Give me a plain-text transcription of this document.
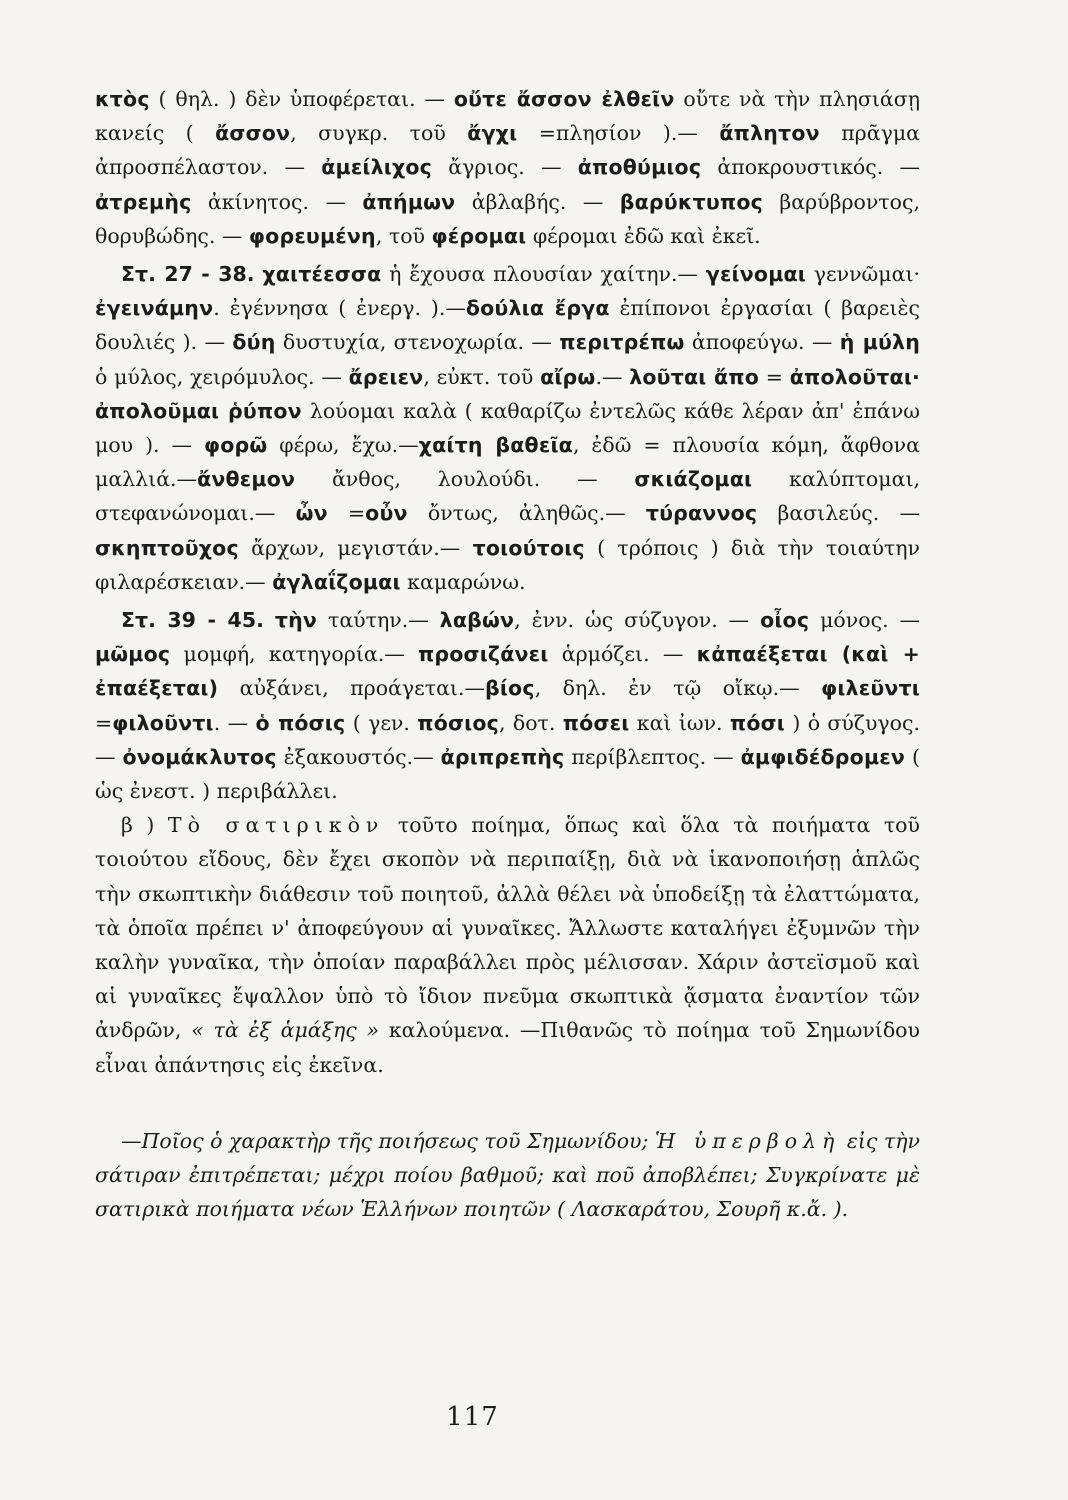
κτὸς ( θηλ. ) δὲν ὑποφέρεται. — οὔτε ἄσσον ἐλθεῖν οὔτε νὰ τὴν πλησιάσῃ κανείς ( ἄσσον, συγκρ. τοῦ ἄγχι =πλησίον ).— ἄπλητον πρᾶγμα ἀπροσπέλαστον. — ἀμείλιχος ἄγριος. — ἀποθύμιος ἀποκρουστικός. — ἀτρεμὴς ἀκίνητος. — ἀπήμων ἀβλαβής. — βαρύκτυπος βαρύβροντος, θορυβώδης. — φορευμένη, τοῦ φέρομαι φέρομαι ἐδῶ καὶ ἐκεῖ.

Στ. 27 - 38. χαιτέεσσα ἡ ἔχουσα πλουσίαν χαίτην.— γείνομαι γεννῶμαι· ἐγεινάμην. ἐγέννησα ( ἐνεργ. ).—δούλια ἔργα ἐπίπονοι ἐργασίαι ( βαρειὲς δουλιές ). — δύη δυστυχία, στενοχωρία. — περιτρέπω ἀποφεύγω. — ἡ μύλη ὁ μύλος, χειρόμυλος. — ἄρειεν, εὐκτ. τοῦ αἴρω.— λοῦται ἄπο = ἀπολοῦται· ἀπολοῦμαι ῥύπον λούομαι καλὰ ( καθαρίζω ἐντελῶς κάθε λέραν ἀπ' ἐπάνω μου ). — φορῶ φέρω, ἔχω.—χαίτη βαθεῖα, ἐδῶ = πλουσία κόμη, ἄφθονα μαλλιά.—ἄνθεμον ἄνθος, λουλούδι. — σκιάζομαι καλύπτομαι, στεφανώνομαι.— ὦν =οὖν ὄντως, ἀληθῶς.— τύραννος βασιλεύς. — σκηπτοῦχος ἄρχων, μεγιστάν.— τοιούτοις ( τρόποις ) διὰ τὴν τοιαύτην φιλαρέσκειαν.— ἀγλαΐζομαι καμαρώνω.

Στ. 39 - 45. τὴν ταύτην.— λαβών, ἐνν. ὡς σύζυγον. — οἶος μόνος. — μῶμος μομφή, κατηγορία.— προσιζάνει ἁρμόζει. — κἀπαέξεται (καὶ + ἐπαέξεται) αὐξάνει, προάγεται.—βίος, δηλ. ἐν τῷ οἴκῳ.— φιλεῦντι =φιλοῦντι. — ὁ πόσις ( γεν. πόσιος, δοτ. πόσει καὶ ἰων. πόσι ) ὁ σύζυγος.— ὀνομάκλυτος ἐξακουστός.— ἀριπρεπὴς περίβλεπτος. — ἀμφιδέδρομεν ( ὡς ἐνεστ. ) περιβάλλει.

β ) Τὸ σατιρικὸν τοῦτο ποίημα, ὅπως καὶ ὅλα τὰ ποιήματα τοῦ τοιούτου εἴδους, δὲν ἔχει σκοπὸν νὰ περιπαίξῃ, διὰ νὰ ἱκανοποιήσῃ ἁπλῶς τὴν σκωπτικὴν διάθεσιν τοῦ ποιητοῦ, ἀλλὰ θέλει νὰ ὑποδείξῃ τὰ ἐλαττώματα, τὰ ὁποῖα πρέπει ν' ἀποφεύγουν αἱ γυναῖκες. Ἄλλωστε καταλήγει ἐξυμνῶν τὴν καλὴν γυναῖκα, τὴν ὁποίαν παραβάλλει πρὸς μέλισσαν. Χάριν ἀστεϊσμοῦ καὶ αἱ γυναῖκες ἔψαλλον ὑπὸ τὸ ἴδιον πνεῦμα σκωπτικὰ ᾄσματα ἐναντίον τῶν ἀνδρῶν, « τὰ ἐξ ἁμάξης » καλούμενα. —Πιθανῶς τὸ ποίημα τοῦ Σημωνίδου εἶναι ἀπάντησις εἰς ἐκεῖνα.

—Ποῖος ὁ χαρακτὴρ τῆς ποιήσεως τοῦ Σημωνίδου; Ἡ ὑπερβολὴ εἰς τὴν σάτιραν ἐπιτρέπεται; μέχρι ποίου βαθμοῦ; καὶ ποῦ ἀποβλέπει; Συγκρίνατε μὲ σατιρικὰ ποιήματα νέων Ἑλλήνων ποιητῶν ( Λασκαράτου, Σουρῆ κ.ἄ. ).

117
